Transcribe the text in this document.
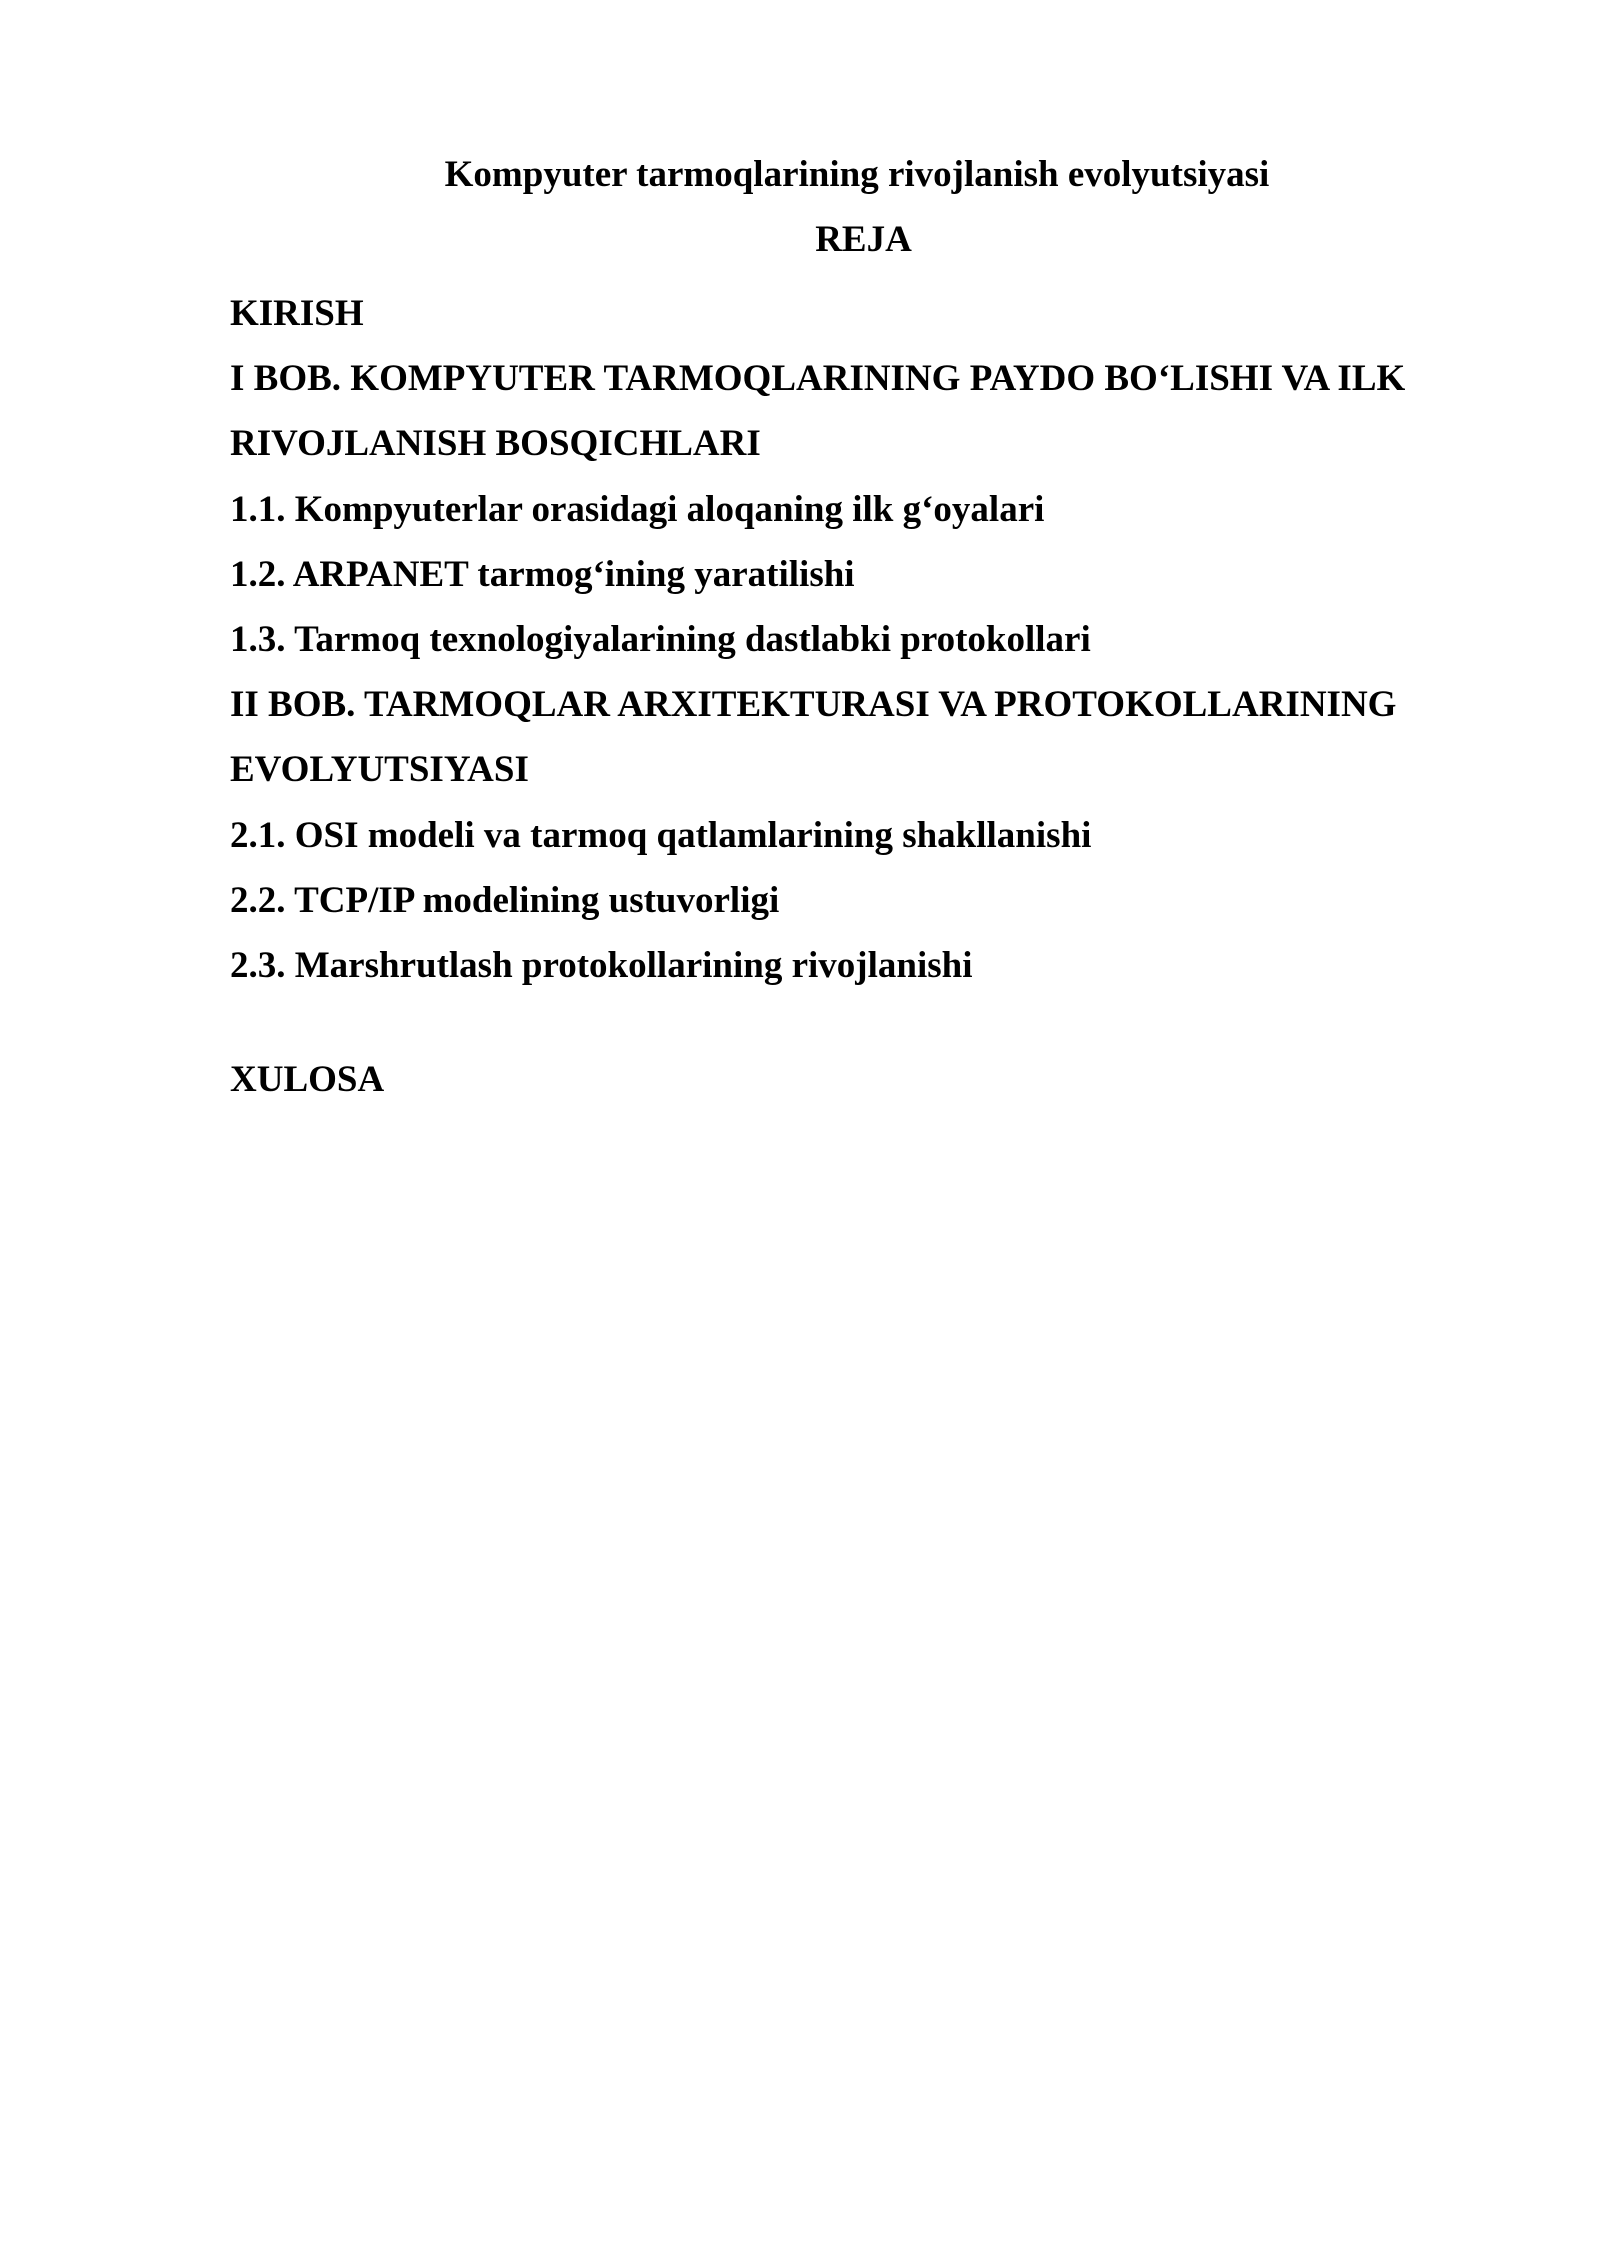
Kompyuter tarmoqlarining rivojlanish evolyutsiyasi
REJA
KIRISH
I BOB. KOMPYUTER TARMOQLARINING PAYDO BO‘LISHI VA ILK RIVOJLANISH BOSQICHLARI
1.1. Kompyuterlar orasidagi aloqaning ilk g‘oyalari
1.2. ARPANET tarmog‘ining yaratilishi
1.3. Tarmoq texnologiyalarining dastlabki protokollari
II BOB. TARMOQLAR ARXITEKTURASI VA PROTOKOLLARINING EVOLYUTSIYASI
2.1. OSI modeli va tarmoq qatlamlarining shakllanishi
2.2. TCP/IP modelining ustuvorligi
2.3. Marshrutlash protokollarining rivojlanishi
XULOSA
